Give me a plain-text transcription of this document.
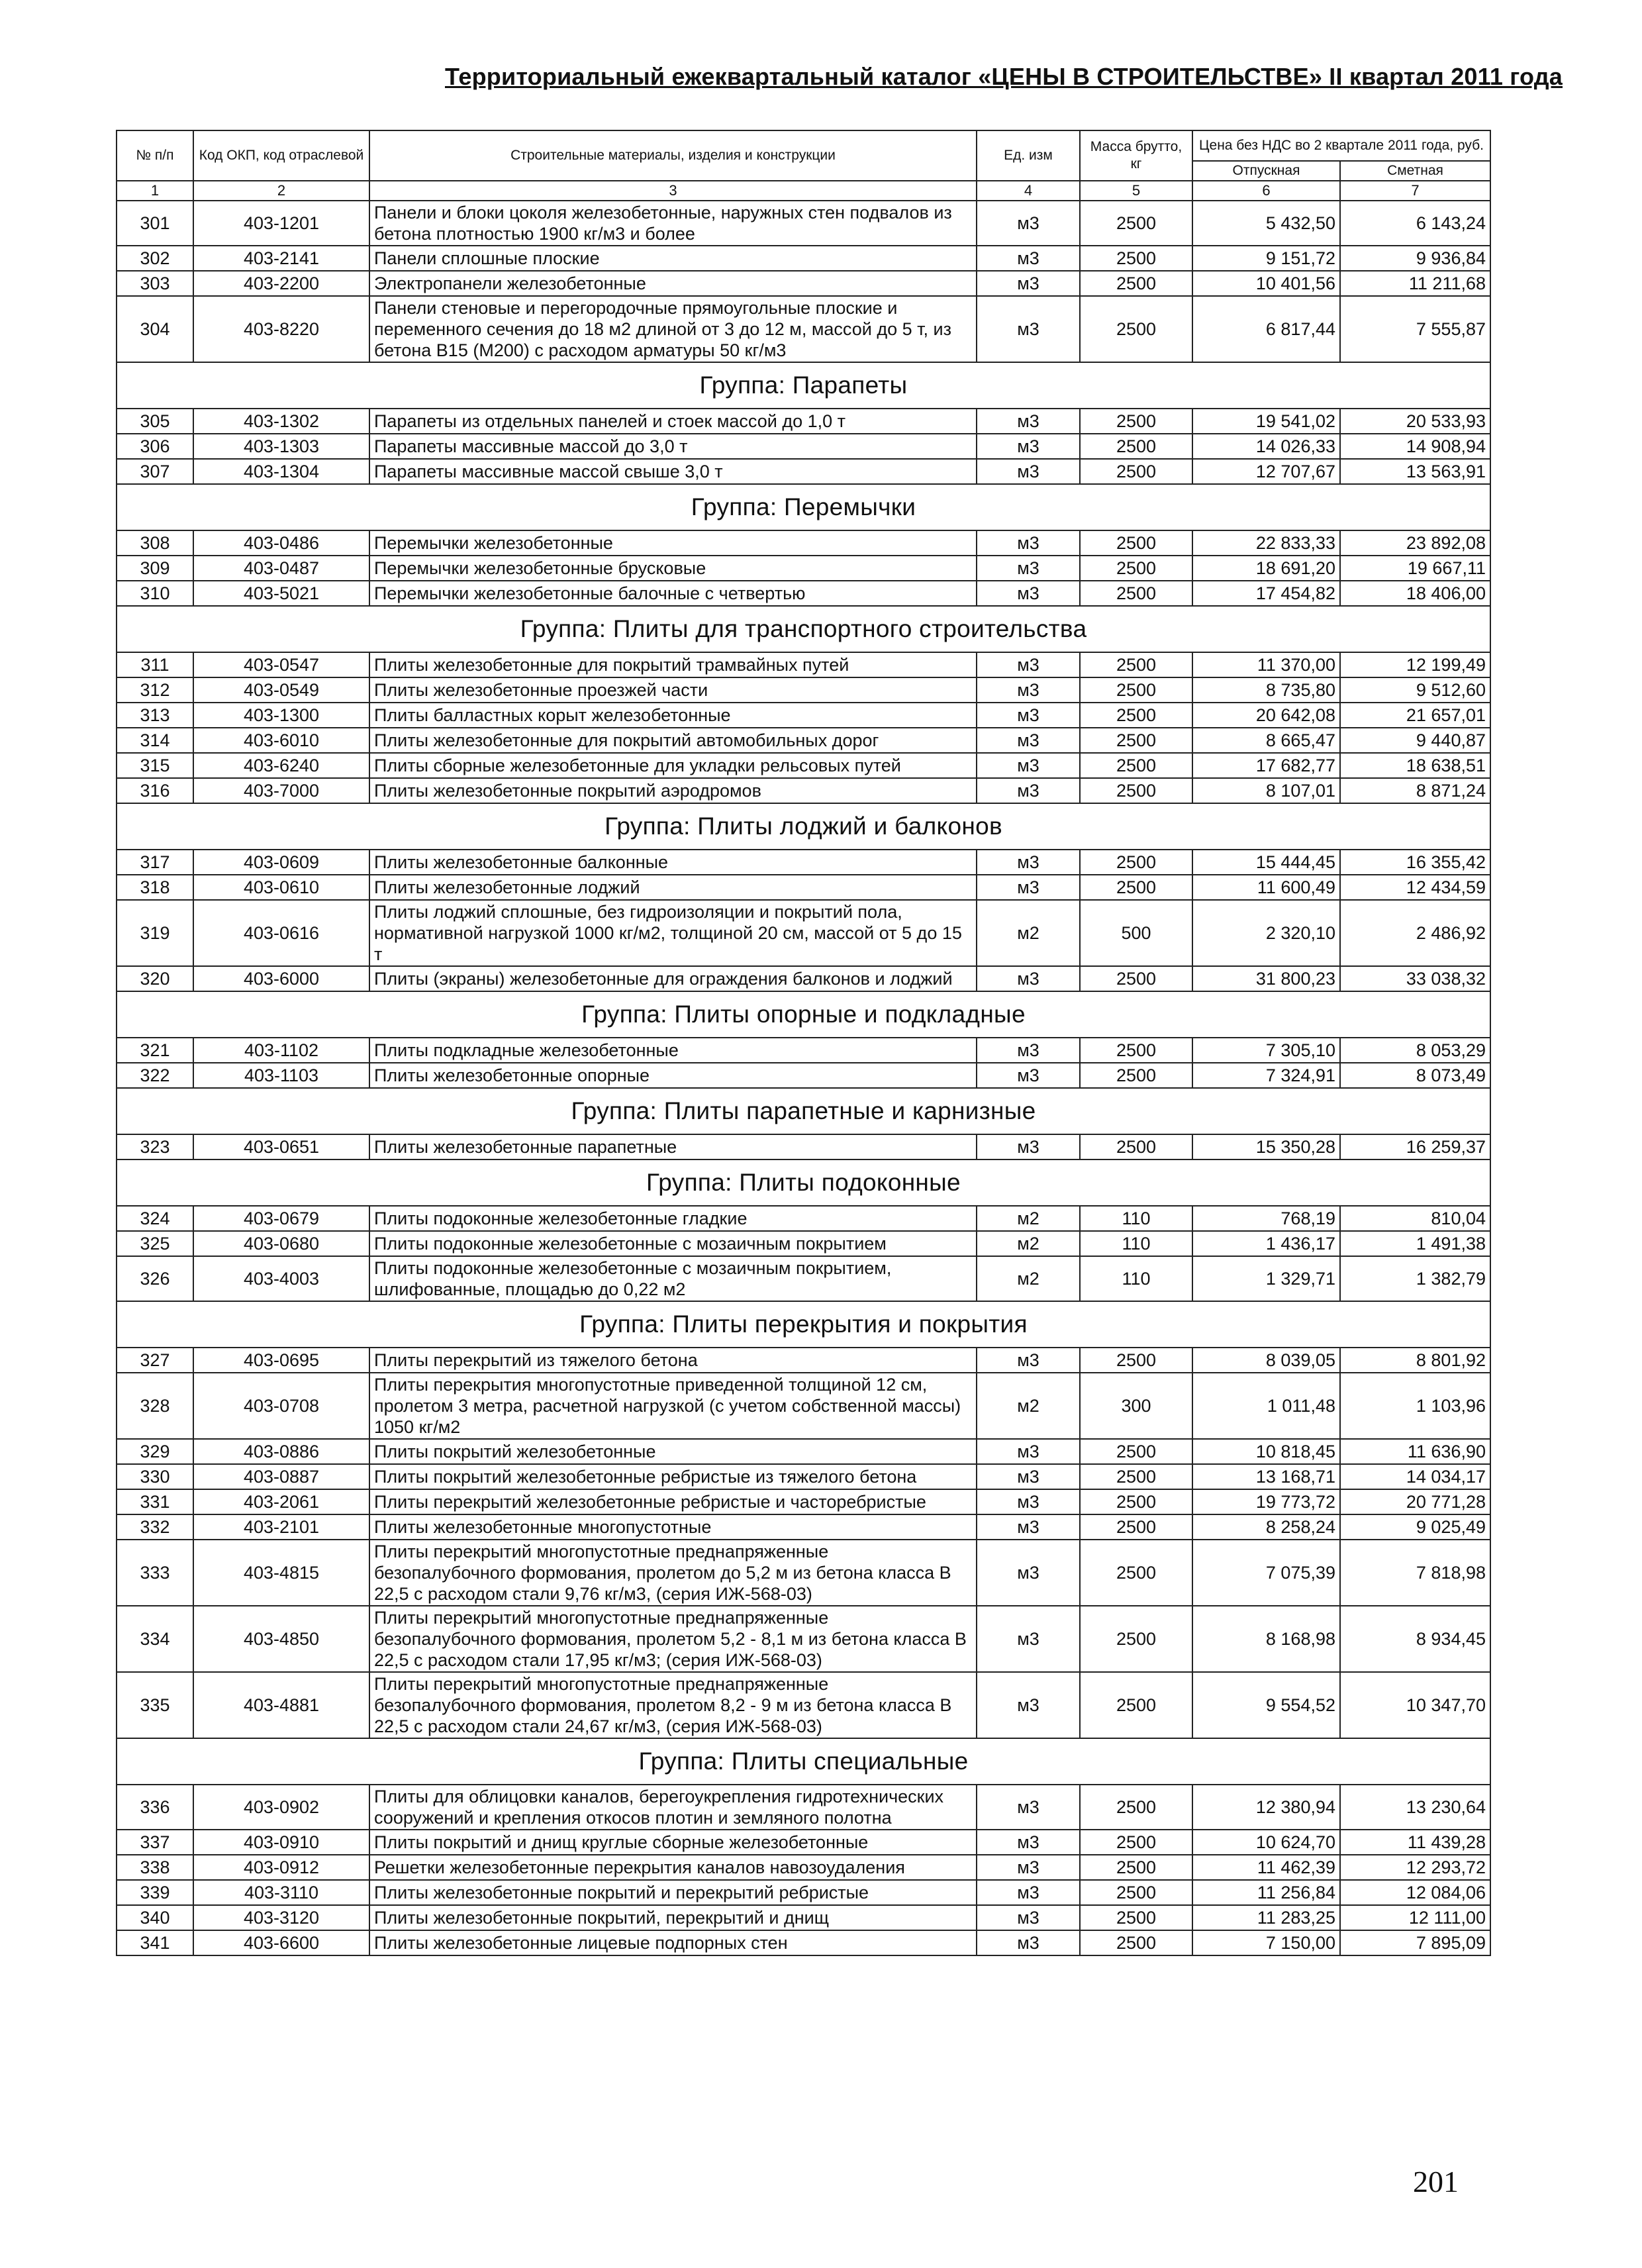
Территориальный ежеквартальный каталог «ЦЕНЫ В СТРОИТЕЛЬСТВЕ» II квартал 2011 года
№ п/п	Код ОКП, код отраслевой	Строительные материалы, изделия и конструкции	Ед. изм	Масса брутто, кг	Цена без НДС во 2 квартале 2011 года, руб.	
					Отпускная	Сметная
1	2	3	4	5	6	7
301	403-1201	Панели и блоки цоколя железобетонные, наружных стен подвалов из бетона плотностью 1900 кг/м3 и более	м3	2500	5 432,50	6 143,24
302	403-2141	Панели сплошные плоские	м3	2500	9 151,72	9 936,84
303	403-2200	Электропанели железобетонные	м3	2500	10 401,56	11 211,68
304	403-8220	Панели стеновые и перегородочные прямоугольные плоские и переменного сечения до 18 м2 длиной от 3 до 12 м, массой до 5 т, из бетона В15 (М200) с расходом арматуры 50 кг/м3	м3	2500	6 817,44	7 555,87
Группа: Парапеты						
305	403-1302	Парапеты из отдельных панелей и стоек массой до 1,0 т	м3	2500	19 541,02	20 533,93
306	403-1303	Парапеты массивные массой до 3,0 т	м3	2500	14 026,33	14 908,94
307	403-1304	Парапеты массивные массой свыше 3,0 т	м3	2500	12 707,67	13 563,91
Группа: Перемычки						
308	403-0486	Перемычки железобетонные	м3	2500	22 833,33	23 892,08
309	403-0487	Перемычки железобетонные брусковые	м3	2500	18 691,20	19 667,11
310	403-5021	Перемычки железобетонные балочные с четвертью	м3	2500	17 454,82	18 406,00
Группа: Плиты для транспортного строительства						
311	403-0547	Плиты железобетонные для покрытий трамвайных путей	м3	2500	11 370,00	12 199,49
312	403-0549	Плиты железобетонные проезжей части	м3	2500	8 735,80	9 512,60
313	403-1300	Плиты балластных корыт железобетонные	м3	2500	20 642,08	21 657,01
314	403-6010	Плиты железобетонные для покрытий автомобильных дорог	м3	2500	8 665,47	9 440,87
315	403-6240	Плиты сборные железобетонные для укладки рельсовых путей	м3	2500	17 682,77	18 638,51
316	403-7000	Плиты железобетонные покрытий аэродромов	м3	2500	8 107,01	8 871,24
Группа: Плиты лоджий и балконов						
317	403-0609	Плиты железобетонные балконные	м3	2500	15 444,45	16 355,42
318	403-0610	Плиты железобетонные лоджий	м3	2500	11 600,49	12 434,59
319	403-0616	Плиты лоджий сплошные, без гидроизоляции и покрытий пола, нормативной нагрузкой 1000 кг/м2, толщиной 20 см, массой от 5 до 15 т	м2	500	2 320,10	2 486,92
320	403-6000	Плиты (экраны) железобетонные для ограждения балконов и лоджий	м3	2500	31 800,23	33 038,32
Группа: Плиты опорные и подкладные						
321	403-1102	Плиты подкладные железобетонные	м3	2500	7 305,10	8 053,29
322	403-1103	Плиты железобетонные опорные	м3	2500	7 324,91	8 073,49
Группа: Плиты парапетные и карнизные						
323	403-0651	Плиты железобетонные парапетные	м3	2500	15 350,28	16 259,37
Группа: Плиты подоконные						
324	403-0679	Плиты подоконные железобетонные гладкие	м2	110	768,19	810,04
325	403-0680	Плиты подоконные железобетонные с мозаичным покрытием	м2	110	1 436,17	1 491,38
326	403-4003	Плиты подоконные железобетонные с мозаичным покрытием, шлифованные, площадью до 0,22 м2	м2	110	1 329,71	1 382,79
Группа: Плиты перекрытия и покрытия						
327	403-0695	Плиты перекрытий из тяжелого бетона	м3	2500	8 039,05	8 801,92
328	403-0708	Плиты перекрытия многопустотные приведенной толщиной 12 см, пролетом 3 метра, расчетной нагрузкой (с учетом собственной массы) 1050 кг/м2	м2	300	1 011,48	1 103,96
329	403-0886	Плиты покрытий железобетонные	м3	2500	10 818,45	11 636,90
330	403-0887	Плиты покрытий железобетонные ребристые из тяжелого бетона	м3	2500	13 168,71	14 034,17
331	403-2061	Плиты перекрытий железобетонные ребристые и часторебристые	м3	2500	19 773,72	20 771,28
332	403-2101	Плиты железобетонные многопустотные	м3	2500	8 258,24	9 025,49
333	403-4815	Плиты перекрытий многопустотные преднапряженные безопалубочного формования, пролетом до 5,2 м из бетона класса В 22,5 с расходом стали 9,76 кг/м3, (серия ИЖ-568-03)	м3	2500	7 075,39	7 818,98
334	403-4850	Плиты перекрытий многопустотные преднапряженные безопалубочного формования, пролетом 5,2 - 8,1 м из бетона класса В 22,5 с расходом стали 17,95 кг/м3; (серия ИЖ-568-03)	м3	2500	8 168,98	8 934,45
335	403-4881	Плиты перекрытий многопустотные преднапряженные безопалубочного формования, пролетом 8,2 - 9 м из бетона класса В 22,5 с расходом стали 24,67 кг/м3, (серия ИЖ-568-03)	м3	2500	9 554,52	10 347,70
Группа: Плиты специальные						
336	403-0902	Плиты для облицовки каналов, берегоукрепления гидротехнических сооружений и крепления откосов плотин и земляного полотна	м3	2500	12 380,94	13 230,64
337	403-0910	Плиты покрытий и днищ круглые сборные железобетонные	м3	2500	10 624,70	11 439,28
338	403-0912	Решетки железобетонные перекрытия каналов навозоудаления	м3	2500	11 462,39	12 293,72
339	403-3110	Плиты железобетонные покрытий и перекрытий ребристые	м3	2500	11 256,84	12 084,06
340	403-3120	Плиты железобетонные покрытий, перекрытий и днищ	м3	2500	11 283,25	12 111,00
341	403-6600	Плиты железобетонные лицевые подпорных стен	м3	2500	7 150,00	7 895,09
201
